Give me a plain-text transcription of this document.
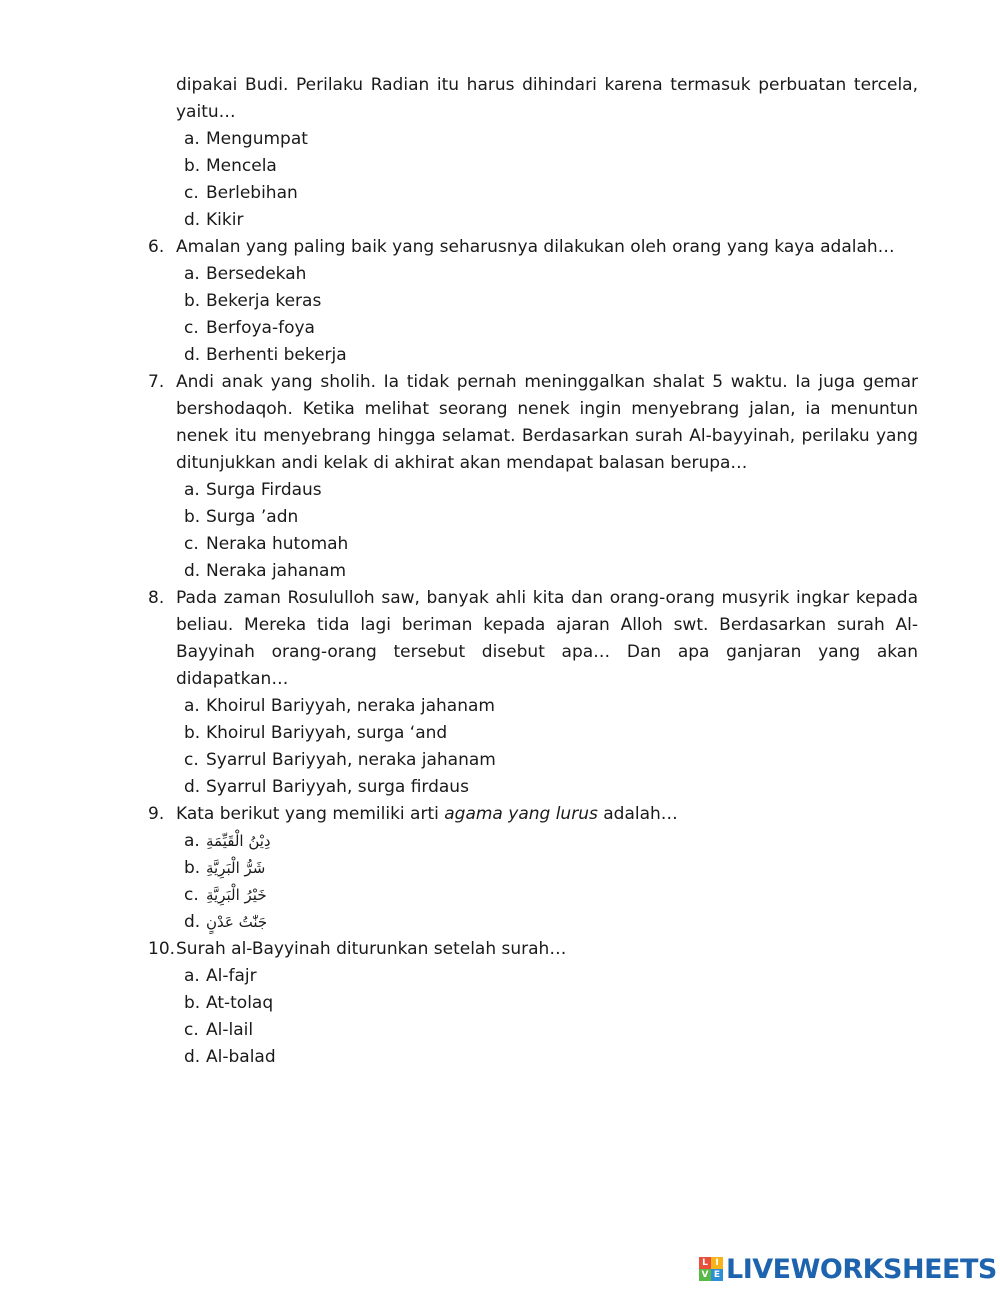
dipakai Budi. Perilaku Radian itu harus dihindari karena termasuk perbuatan tercela, yaitu…
a. Mengumpat
b. Mencela
c. Berlebihan
d. Kikir
6. Amalan yang paling baik yang seharusnya dilakukan oleh orang yang kaya adalah…
a. Bersedekah
b. Bekerja keras
c. Berfoya-foya
d. Berhenti bekerja
7. Andi anak yang sholih. Ia tidak pernah meninggalkan shalat 5 waktu. Ia juga gemar bershodaqoh. Ketika melihat seorang nenek ingin menyebrang jalan, ia menuntun nenek itu menyebrang hingga selamat. Berdasarkan surah Al-bayyinah, perilaku yang ditunjukkan andi kelak di akhirat akan mendapat balasan berupa…
a. Surga Firdaus
b. Surga ’adn
c. Neraka hutomah
d. Neraka jahanam
8. Pada zaman Rosululloh saw, banyak ahli kita dan orang-orang musyrik ingkar kepada beliau. Mereka tida lagi beriman kepada ajaran Alloh swt. Berdasarkan surah Al-Bayyinah orang-orang tersebut disebut apa… Dan apa ganjaran yang akan didapatkan…
a. Khoirul Bariyyah, neraka jahanam
b. Khoirul Bariyyah, surga ‘and
c. Syarrul Bariyyah, neraka jahanam
d. Syarrul Bariyyah, surga firdaus
9. Kata berikut yang memiliki arti agama yang lurus adalah…
a. دِيْنُ الْقَيِّمَةِ
b. شَرُّ الْبَرِيَّةِ
c. خَيْرُ الْبَرِيَّةِ
d. جَنّٰتُ عَدْنٍ
10. Surah al-Bayyinah diturunkan setelah surah…
a. Al-fajr
b. At-tolaq
c. Al-lail
d. Al-balad
L I
V E LIVEWORKSHEETS
